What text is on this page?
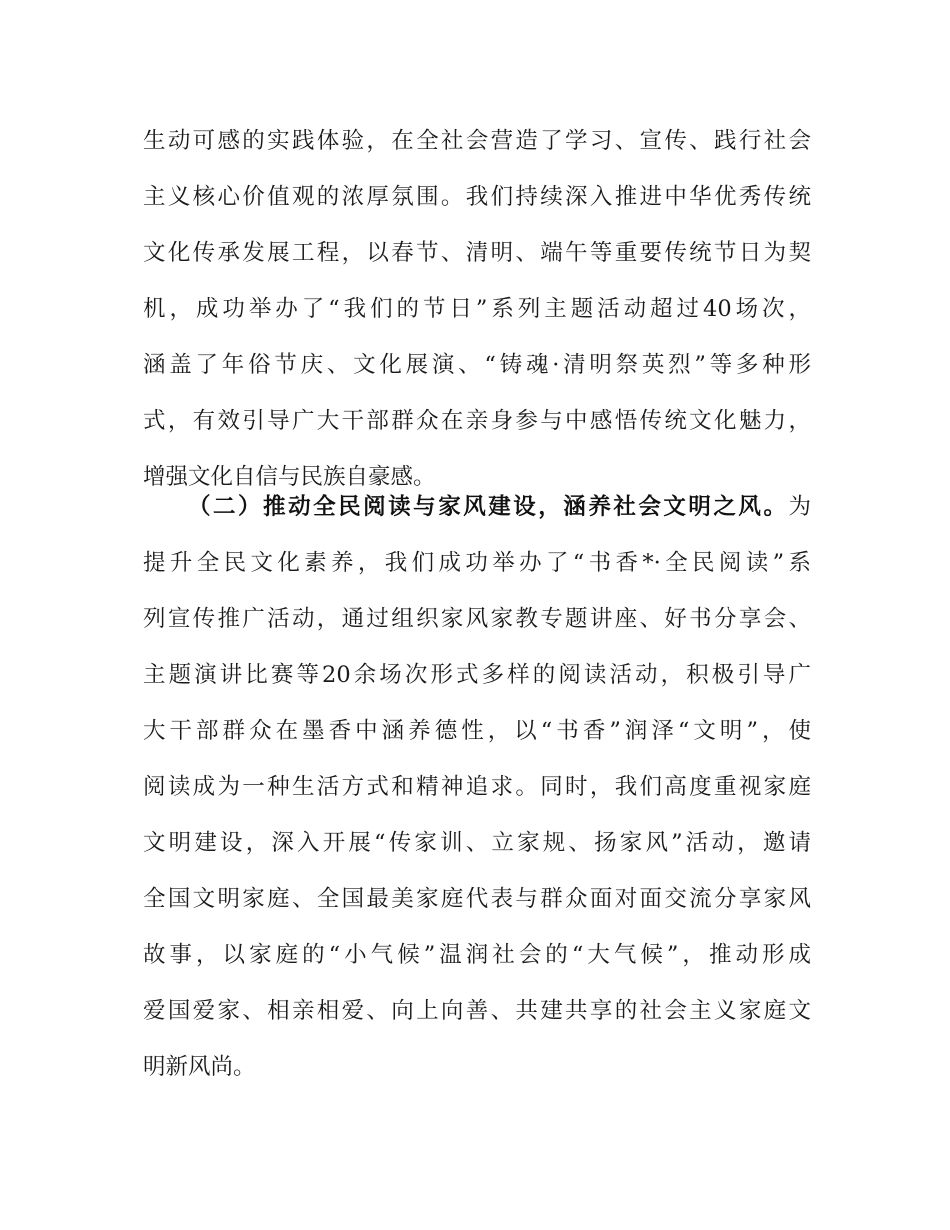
生动可感的实践体验，在全社会营造了学习、宣传、践行社会
主义核心价值观的浓厚氛围。我们持续深入推进中华优秀传统
文化传承发展工程，以春节、清明、端午等重要传统节日为契
机，成功举办了“我们的节日”系列主题活动超过40场次，
涵盖了年俗节庆、文化展演、“铸魂·清明祭英烈”等多种形
式，有效引导广大干部群众在亲身参与中感悟传统文化魅力，
增强文化自信与民族自豪感。
（二）推动全民阅读与家风建设，涵养社会文明之风。为
提升全民文化素养，我们成功举办了“书香*·全民阅读”系
列宣传推广活动，通过组织家风家教专题讲座、好书分享会、
主题演讲比赛等20余场次形式多样的阅读活动，积极引导广
大干部群众在墨香中涵养德性，以“书香”润泽“文明”，使
阅读成为一种生活方式和精神追求。同时，我们高度重视家庭
文明建设，深入开展“传家训、立家规、扬家风”活动，邀请
全国文明家庭、全国最美家庭代表与群众面对面交流分享家风
故事，以家庭的“小气候”温润社会的“大气候”，推动形成
爱国爱家、相亲相爱、向上向善、共建共享的社会主义家庭文
明新风尚。
